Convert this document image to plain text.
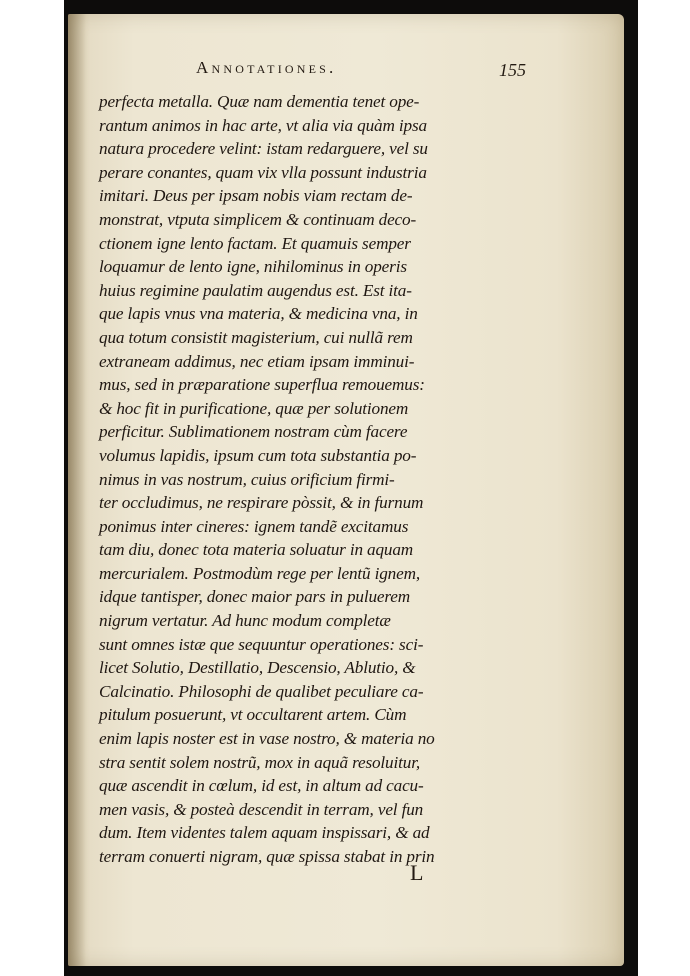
Annotationes.	155
perfecta metalla. Quæ nam dementia tenet ope-
rantum animos in hac arte, vt alia via quàm ipsa
natura procedere velint: istam redarguere, vel su
perare conantes, quam vix vlla possunt industria
imitari. Deus per ipsam nobis viam rectam de-
monstrat, vtputa simplicem & continuam deco-
ctionem igne lento factam. Et quamuis semper
loquamur de lento igne, nihilominus in operis
huius regimine paulatim augendus est. Est ita-
que lapis vnus vna materia, & medicina vna, in
qua totum consistit magisterium, cui nullã rem
extraneam addimus, nec etiam ipsam imminui-
mus, sed in præparatione superflua remouemus:
& hoc fit in purificatione, quæ per solutionem
perficitur. Sublimationem nostram cùm facere
volumus lapidis, ipsum cum tota substantia po-
nimus in vas nostrum, cuius orificium firmi-
ter occludimus, ne respirare pòssit, & in furnum
ponimus inter cineres: ignem tandẽ excitamus
tam diu, donec tota materia soluatur in aquam
mercurialem. Postmodùm rege per lentũ ignem,
idque tantisper, donec maior pars in puluerem
nigrum vertatur. Ad hunc modum completæ
sunt omnes istæ que sequuntur operationes: sci-
licet Solutio, Destillatio, Descensio, Ablutio, &
Calcinatio. Philosophi de qualibet peculiare ca-
pitulum posuerunt, vt occultarent artem. Cùm
enim lapis noster est in vase nostro, & materia no
stra sentit solem nostrũ, mox in aquã resoluitur,
quæ ascendit in cœlum, id est, in altum ad cacu-
men vasis, & posteà descendit in terram, vel fun
dum. Item videntes talem aquam inspissari, & ad
terram conuerti nigram, quæ spissa stabat in prin
L
